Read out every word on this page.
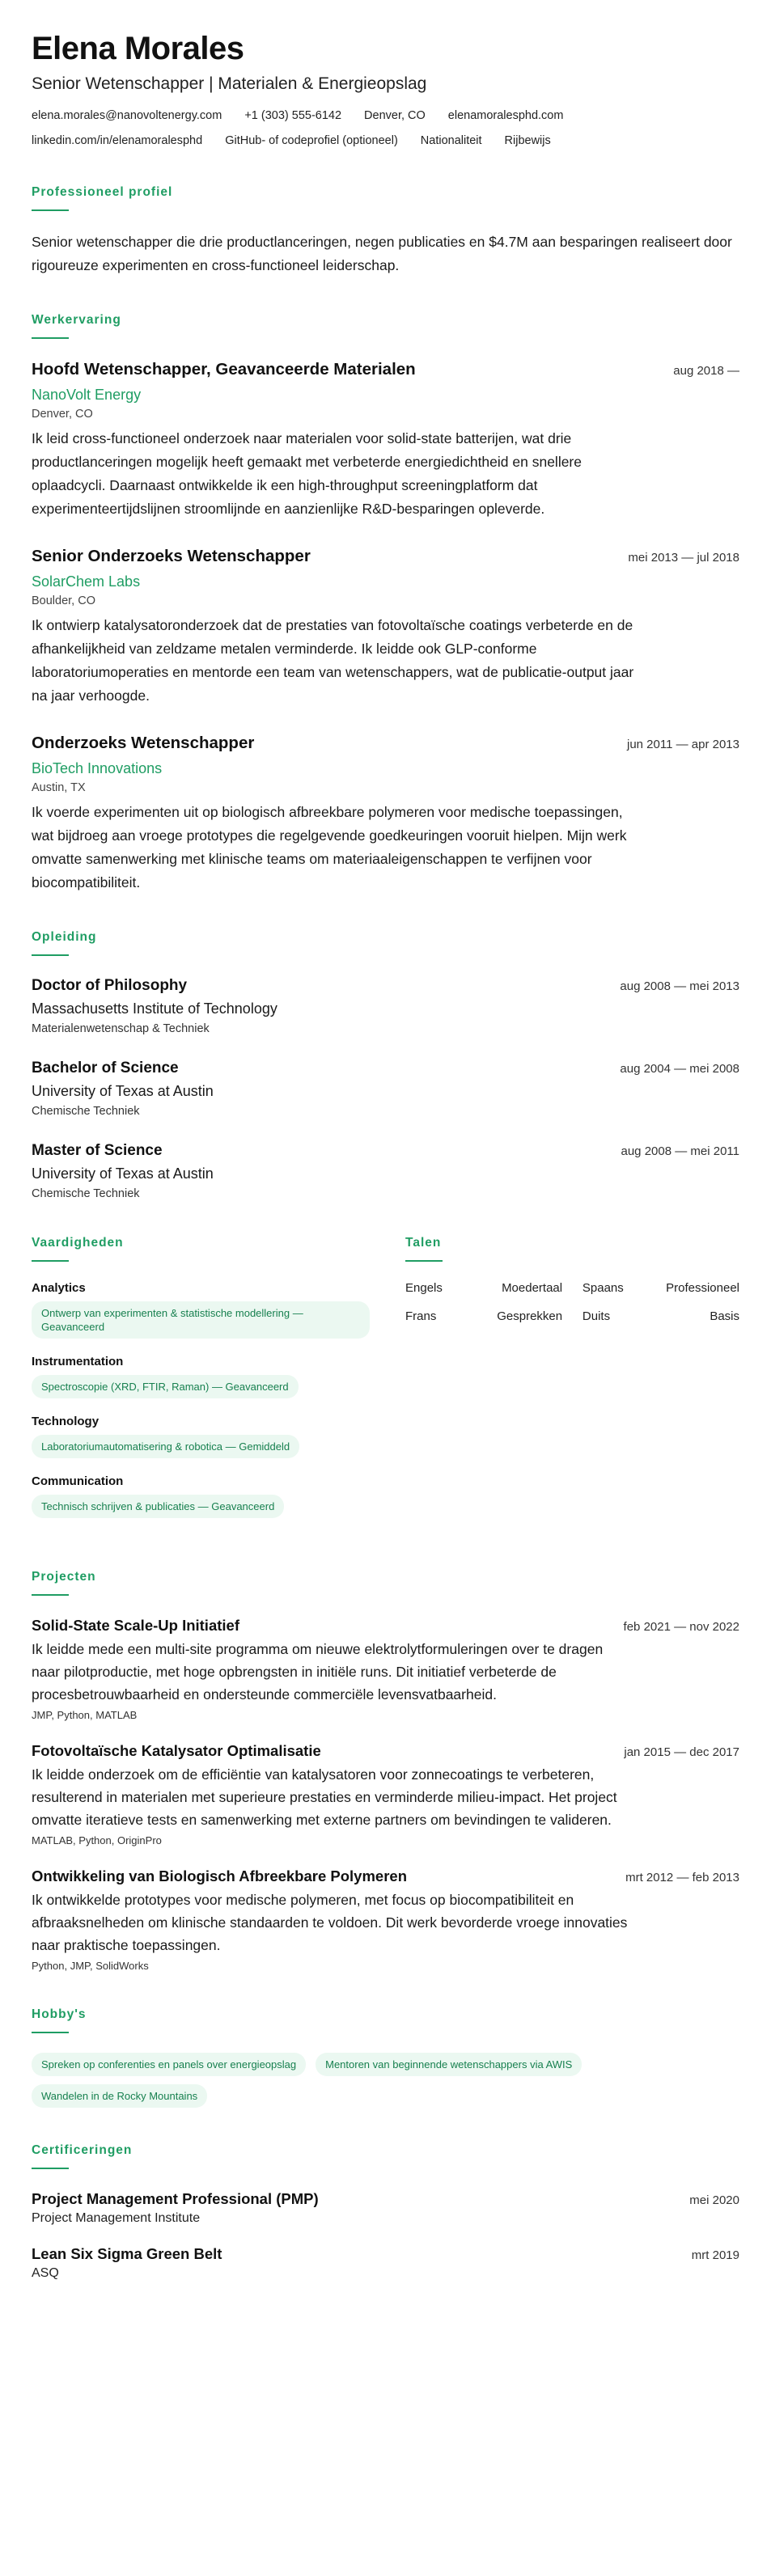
Elena Morales
Senior Wetenschapper | Materialen & Energieopslag
elena.morales@nanovoltenergy.com +1 (303) 555-6142 Denver, CO elenamoralesphd.com
linkedin.com/in/elenamoralesphd GitHub- of codeprofiel (optioneel) Nationaliteit Rijbewijs
Professioneel profiel

Senior wetenschapper die drie productlanceringen, negen publicaties en $4.7M aan besparingen realiseert door rigoureuze experimenten en cross-functioneel leiderschap.

Werkervaring
Hoofd Wetenschapper, Geavanceerde Materialen	aug 2018 —
NanoVolt Energy
Denver, CO

Ik leid cross-functioneel onderzoek naar materialen voor solid-state batterijen, wat drie productlanceringen mogelijk heeft gemaakt met verbeterde energiedichtheid en snellere oplaadcycli. Daarnaast ontwikkelde ik een high-throughput screeningplatform dat experimenteertijdslijnen stroomlijnde en aanzienlijke R&D-besparingen opleverde.

Senior Onderzoeks Wetenschapper	mei 2013 — jul 2018
SolarChem Labs
Boulder, CO

Ik ontwierp katalysatoronderzoek dat de prestaties van fotovoltaïsche coatings verbeterde en de afhankelijkheid van zeldzame metalen verminderde. Ik leidde ook GLP-conforme laboratoriumoperaties en mentorde een team van wetenschappers, wat de publicatie-output jaar na jaar verhoogde.

Onderzoeks Wetenschapper	jun 2011 — apr 2013
BioTech Innovations
Austin, TX

Ik voerde experimenten uit op biologisch afbreekbare polymeren voor medische toepassingen, wat bijdroeg aan vroege prototypes die regelgevende goedkeuringen vooruit hielpen. Mijn werk omvatte samenwerking met klinische teams om materiaaleigenschappen te verfijnen voor biocompatibiliteit.

Opleiding
Doctor of Philosophy	aug 2008 — mei 2013
Massachusetts Institute of Technology
Materialenwetenschap & Techniek
Bachelor of Science	aug 2004 — mei 2008
University of Texas at Austin
Chemische Techniek
Master of Science	aug 2008 — mei 2011
University of Texas at Austin
Chemische Techniek
Vaardigheden
Analytics
Ontwerp van experimenten & statistische modellering — Geavanceerd
Instrumentation
Spectroscopie (XRD, FTIR, Raman) — Geavanceerd
Technology
Laboratoriumautomatisering & robotica — Gemiddeld
Communication
Technisch schrijven & publicaties — Geavanceerd
Talen
Engels	Moedertaal Spaans	Professioneel
Frans	Gesprekken Duits	Basis
Projecten
Solid-State Scale-Up Initiatief	feb 2021 — nov 2022

Ik leidde mede een multi-site programma om nieuwe elektrolytformuleringen over te dragen naar pilotproductie, met hoge opbrengsten in initiële runs. Dit initiatief verbeterde de procesbetrouwbaarheid en ondersteunde commerciële levensvatbaarheid.

JMP, Python, MATLAB
Fotovoltaïsche Katalysator Optimalisatie	jan 2015 — dec 2017

Ik leidde onderzoek om de efficiëntie van katalysatoren voor zonnecoatings te verbeteren, resulterend in materialen met superieure prestaties en verminderde milieu-impact. Het project omvatte iteratieve tests en samenwerking met externe partners om bevindingen te valideren.

MATLAB, Python, OriginPro
Ontwikkeling van Biologisch Afbreekbare Polymeren	mrt 2012 — feb 2013

Ik ontwikkelde prototypes voor medische polymeren, met focus op biocompatibiliteit en afbraaksnelheden om klinische standaarden te voldoen. Dit werk bevorderde vroege innovaties naar praktische toepassingen.

Python, JMP, SolidWorks
Hobby's
Spreken op conferenties en panels over energieopslag	Mentoren van beginnende wetenschappers via AWIS
Wandelen in de Rocky Mountains
Certificeringen
Project Management Professional (PMP)	mei 2020
Project Management Institute
Lean Six Sigma Green Belt	mrt 2019
ASQ
